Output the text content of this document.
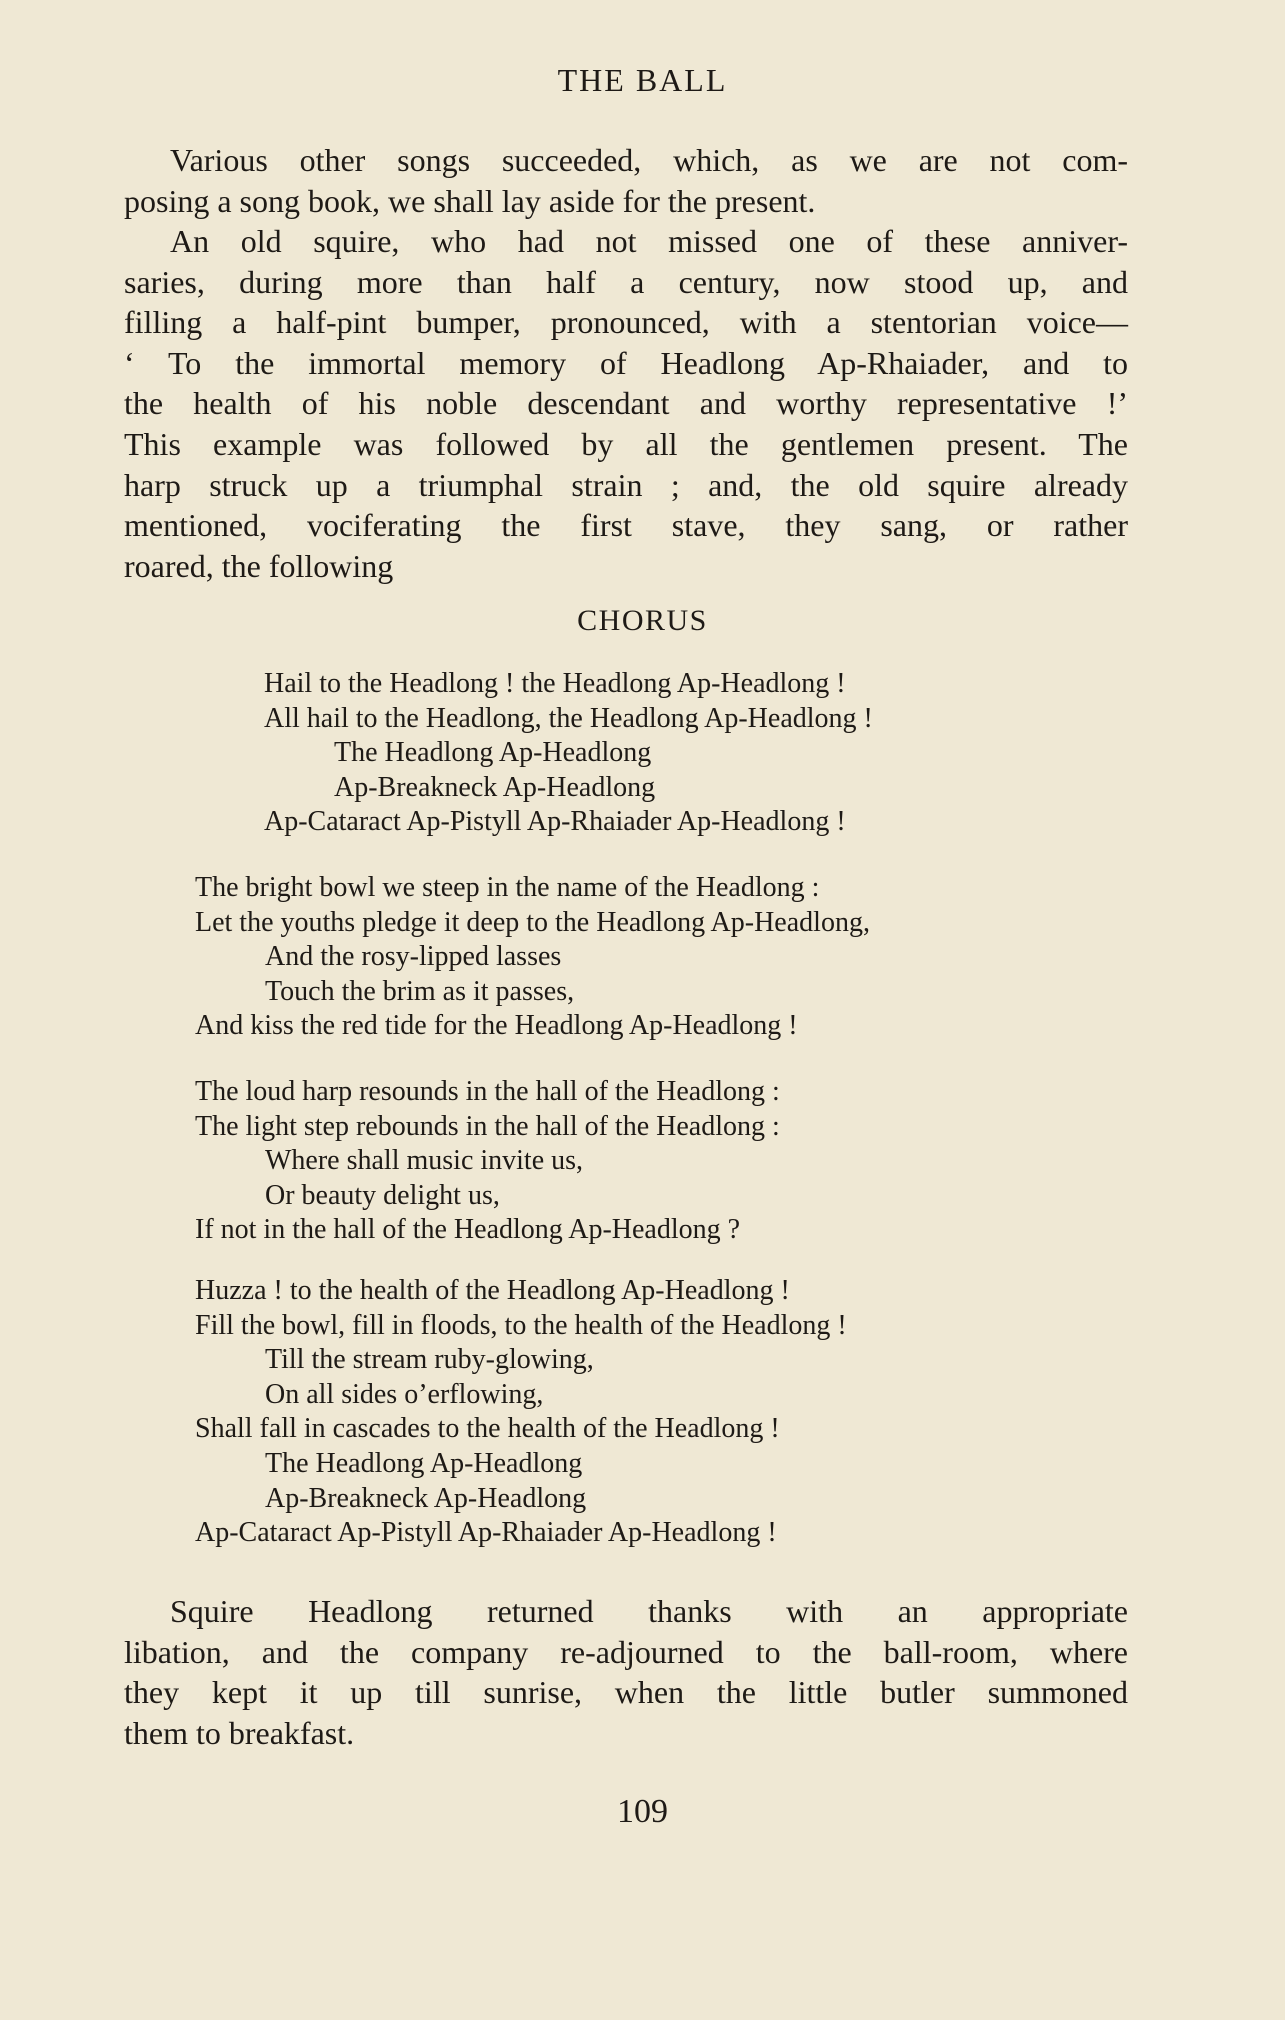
THE BALL
Various other songs succeeded, which, as we are not com-
posing a song book, we shall lay aside for the present.
An old squire, who had not missed one of these anniver-
saries, during more than half a century, now stood up, and
filling a half-pint bumper, pronounced, with a stentorian voice—
‘ To the immortal memory of Headlong Ap-Rhaiader, and to
the health of his noble descendant and worthy representative !’
This example was followed by all the gentlemen present. The
harp struck up a triumphal strain ; and, the old squire already
mentioned, vociferating the first stave, they sang, or rather
roared, the following
CHORUS
Hail to the Headlong ! the Headlong Ap-Headlong !
All hail to the Headlong, the Headlong Ap-Headlong !
The Headlong Ap-Headlong
Ap-Breakneck Ap-Headlong
Ap-Cataract Ap-Pistyll Ap-Rhaiader Ap-Headlong !
The bright bowl we steep in the name of the Headlong :
Let the youths pledge it deep to the Headlong Ap-Headlong,
And the rosy-lipped lasses
Touch the brim as it passes,
And kiss the red tide for the Headlong Ap-Headlong !
The loud harp resounds in the hall of the Headlong :
The light step rebounds in the hall of the Headlong :
Where shall music invite us,
Or beauty delight us,
If not in the hall of the Headlong Ap-Headlong ?
Huzza ! to the health of the Headlong Ap-Headlong !
Fill the bowl, fill in floods, to the health of the Headlong !
Till the stream ruby-glowing,
On all sides o’erflowing,
Shall fall in cascades to the health of the Headlong !
The Headlong Ap-Headlong
Ap-Breakneck Ap-Headlong
Ap-Cataract Ap-Pistyll Ap-Rhaiader Ap-Headlong !
Squire Headlong returned thanks with an appropriate
libation, and the company re-adjourned to the ball-room, where
they kept it up till sunrise, when the little butler summoned
them to breakfast.
109
